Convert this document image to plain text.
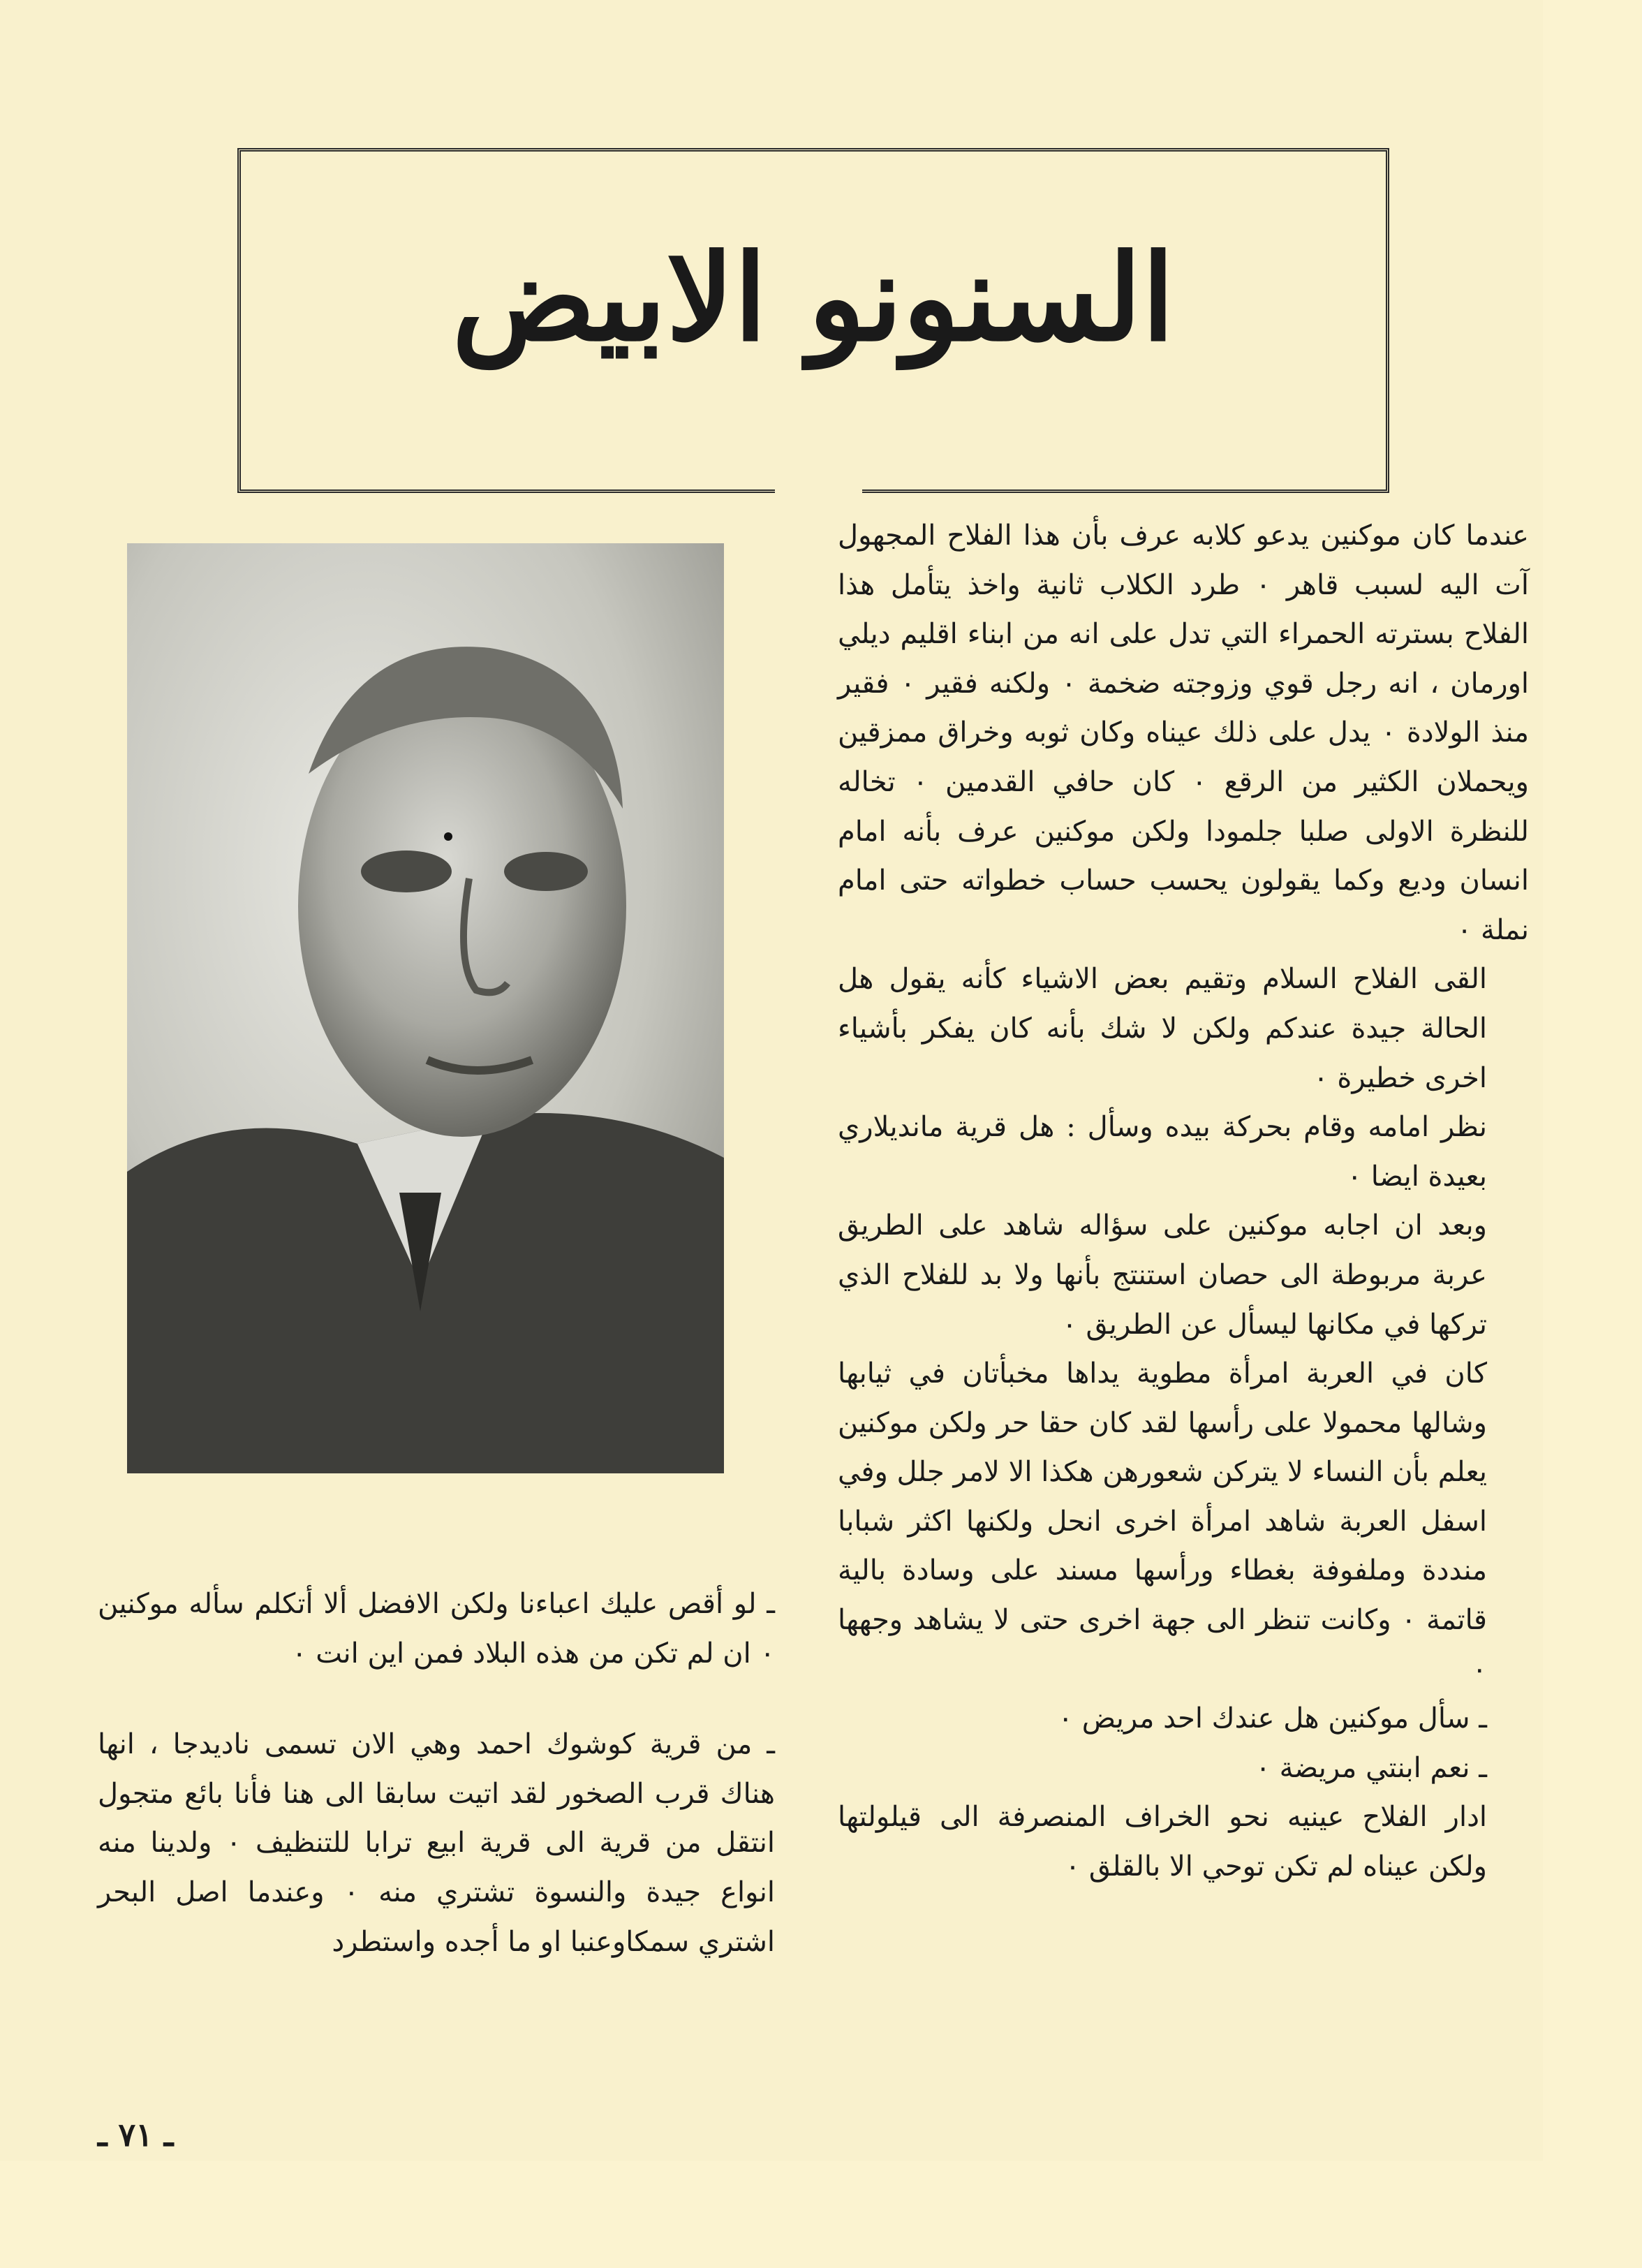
السنونو الابيض

عندما كان موكنين يدعو كلابه عرف بأن هذا الفلاح المجهول آت اليه لسبب قاهر ٠ طرد الكلاب ثانية واخذ يتأمل هذا الفلاح بسترته الحمراء التي تدل على انه من ابناء اقليم ديلي اورمان ، انه رجل قوي وزوجته ضخمة ٠ ولكنه فقير ٠ فقير منذ الولادة ٠ يدل على ذلك عيناه وكان ثوبه وخراق ممزقين ويحملان الكثير من الرقع ٠ كان حافي القدمين ٠ تخاله للنظرة الاولى صلبا جلمودا ولكن موكنين عرف بأنه امام انسان وديع وكما يقولون يحسب حساب خطواته حتى امام نملة ٠

القى الفلاح السلام وتقيم بعض الاشياء كأنه يقول هل الحالة جيدة عندكم ولكن لا شك بأنه كان يفكر بأشياء اخرى خطيرة ٠

نظر امامه وقام بحركة بيده وسأل : هل قرية مانديلاري بعيدة ايضا ٠

وبعد ان اجابه موكنين على سؤاله شاهد على الطريق عربة مربوطة الى حصان استنتج بأنها ولا بد للفلاح الذي تركها في مكانها ليسأل عن الطريق ٠

كان في العربة امرأة مطوية يداها مخبأتان في ثيابها وشالها محمولا على رأسها لقد كان حقا حر ولكن موكنين يعلم بأن النساء لا يتركن شعورهن هكذا الا لامر جلل وفي اسفل العربة شاهد امرأة اخرى انحل ولكنها اكثر شبابا منددة وملفوفة بغطاء ورأسها مسند على وسادة بالية قاتمة ٠ وكانت تنظر الى جهة اخرى حتى لا يشاهد وجهها ٠

ـ سأل موكنين هل عندك احد مريض ٠

ـ نعم ابنتي مريضة ٠

ادار الفلاح عينيه نحو الخراف المنصرفة الى قيلولتها ولكن عيناه لم تكن توحي الا بالقلق ٠

ـ لو أقص عليك اعباءنا ولكن الافضل ألا أتكلم سأله موكنين ٠ ان لم تكن من هذه البلاد فمن اين انت ٠

ـ من قرية كوشوك احمد وهي الان تسمى ناديدجا ، انها هناك قرب الصخور لقد اتيت سابقا الى هنا فأنا بائع متجول انتقل من قرية الى قرية ابيع ترابا للتنظيف ٠ ولدينا منه انواع جيدة والنسوة تشتري منه ٠ وعندما اصل البحر اشتري سمكاوعنبا او ما أجده واستطرد

ـ ٧١ ـ
